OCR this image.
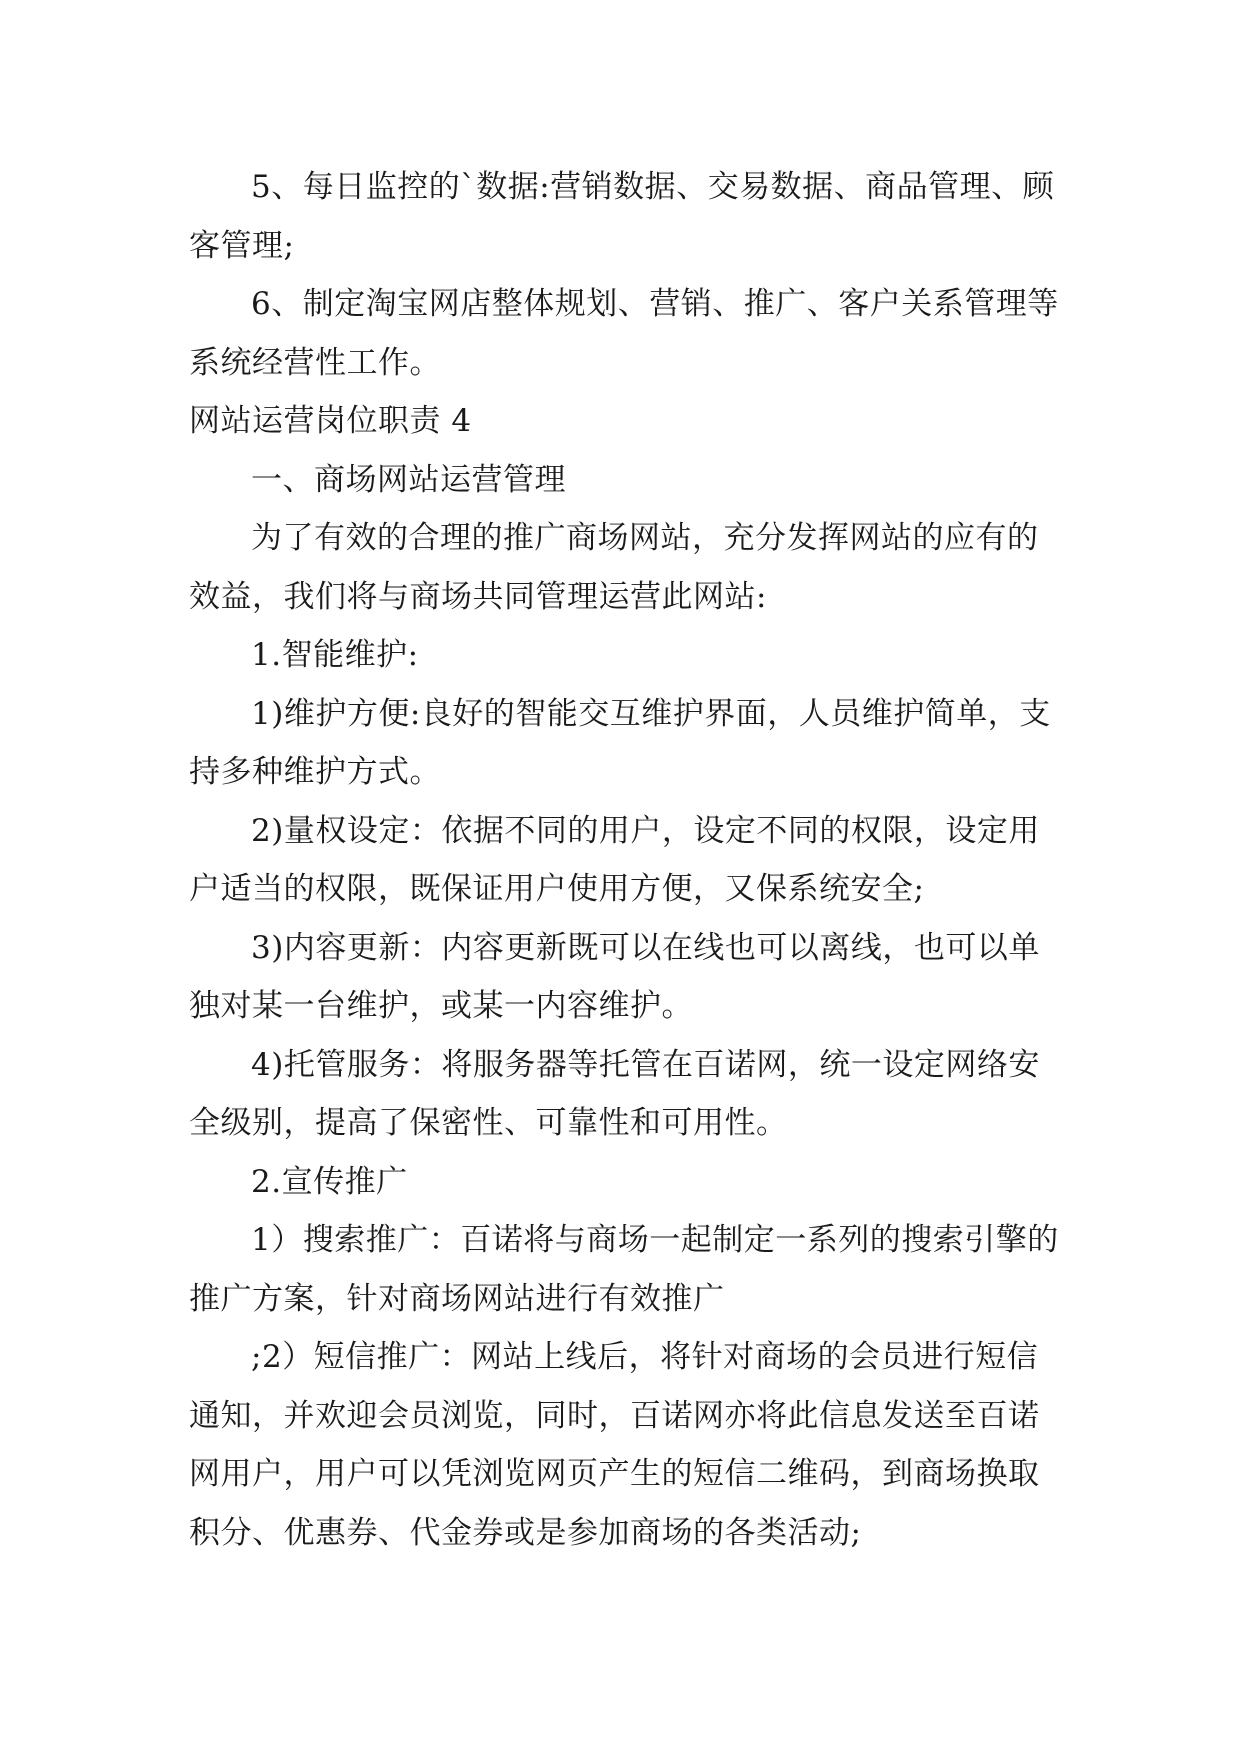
5、每日监控的`数据:营销数据、交易数据、商品管理、顾客管理;

6、制定淘宝网店整体规划、营销、推广、客户关系管理等系统经营性工作。

网站运营岗位职责 4

一、商场网站运营管理

为了有效的合理的推广商场网站，充分发挥网站的应有的效益，我们将与商场共同管理运营此网站:

1.智能维护:

1)维护方便:良好的智能交互维护界面，人员维护简单，支持多种维护方式。

2)量权设定：依据不同的用户，设定不同的权限，设定用户适当的权限，既保证用户使用方便，又保系统安全;

3)内容更新：内容更新既可以在线也可以离线，也可以单独对某一台维护，或某一内容维护。

4)托管服务：将服务器等托管在百诺网，统一设定网络安全级别，提高了保密性、可靠性和可用性。

2.宣传推广

1）搜索推广：百诺将与商场一起制定一系列的搜索引擎的推广方案，针对商场网站进行有效推广

;2）短信推广：网站上线后，将针对商场的会员进行短信通知，并欢迎会员浏览，同时，百诺网亦将此信息发送至百诺网用户，用户可以凭浏览网页产生的短信二维码，到商场换取积分、优惠券、代金券或是参加商场的各类活动;
